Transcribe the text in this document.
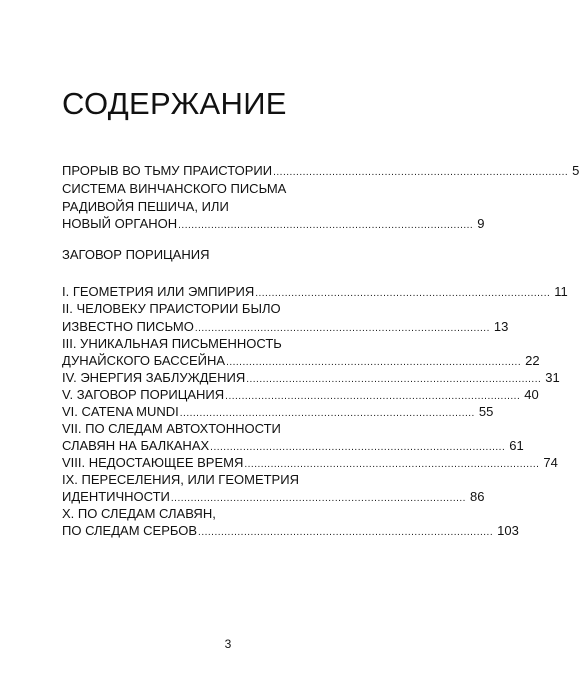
СОДЕРЖАНИЕ
ПРОРЫВ ВО ТЬМУ ПРАИСТОРИИ .......................................................................................... 5
СИСТЕМА ВИНЧАНСКОГО ПИСЬМА
РАДИВОЙЯ ПЕШИЧА, ИЛИ
НОВЫЙ ОРГАНОН .......................................................................................... 9
ЗАГОВОР ПОРИЦАНИЯ
I. ГЕОМЕТРИЯ ИЛИ ЭМПИРИЯ .......................................................................................... 11
II. ЧЕЛОВЕКУ ПРАИСТОРИИ БЫЛО
ИЗВЕСТНО ПИСЬМО .......................................................................................... 13
III. УНИКАЛЬНАЯ ПИСЬМЕННОСТЬ
ДУНАЙСКОГО БАССЕЙНА .......................................................................................... 22
IV. ЭНЕРГИЯ ЗАБЛУЖДЕНИЯ .......................................................................................... 31
V. ЗАГОВОР ПОРИЦАНИЯ .......................................................................................... 40
VI. CATENA MUNDI .......................................................................................... 55
VII. ПО СЛЕДАМ АВТОХТОННОСТИ
СЛАВЯН НА БАЛКАНАХ .......................................................................................... 61
VIII. НЕДОСТАЮЩЕЕ ВРЕМЯ .......................................................................................... 74
IX. ПЕРЕСЕЛЕНИЯ, ИЛИ ГЕОМЕТРИЯ
ИДЕНТИЧНОСТИ .......................................................................................... 86
X. ПО СЛЕДАМ СЛАВЯН,
ПО СЛЕДАМ СЕРБОВ .......................................................................................... 103
3
